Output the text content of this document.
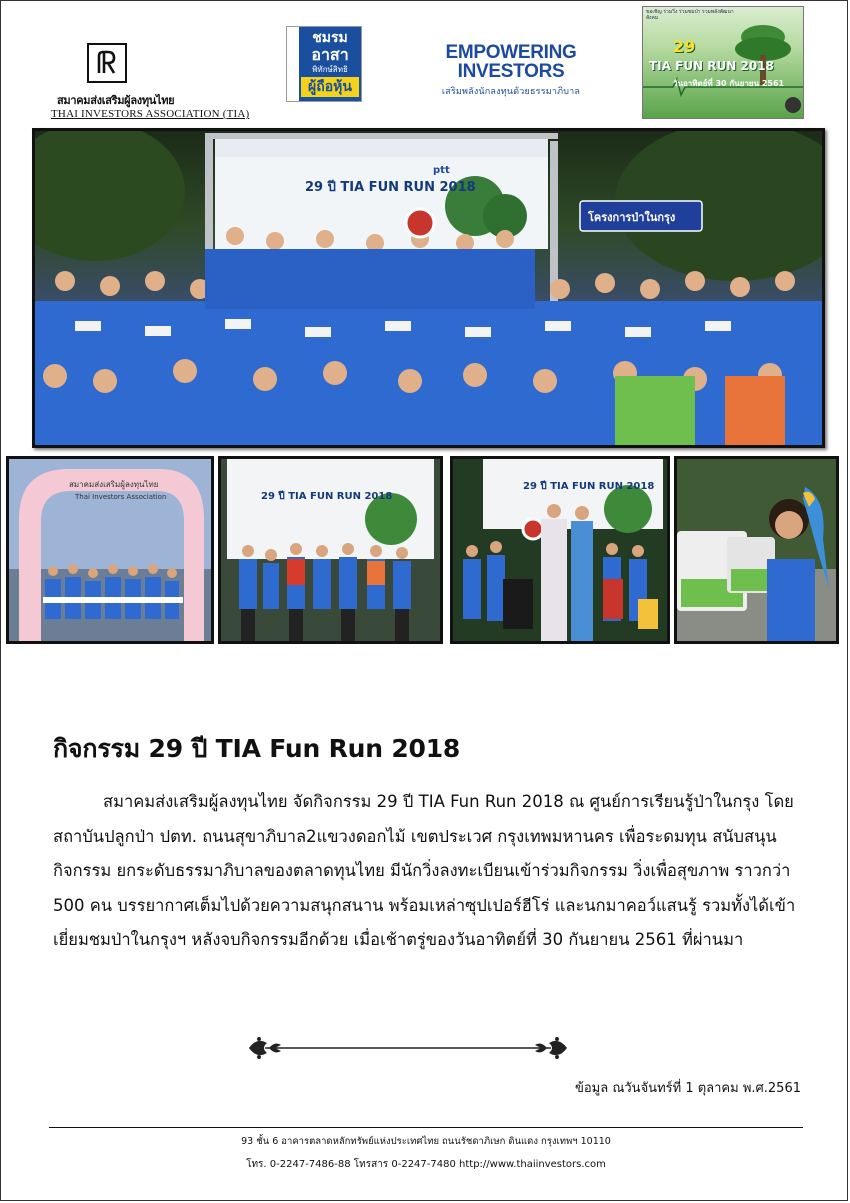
สมาคมส่งเสริมผู้ลงทุนไทย
THAI INVESTORS ASSOCIATION (TIA)
ชมรม
อาสา
พิทักษ์สิทธิ
ผู้ถือหุ้น
EMPOWERING
INVESTORS
เสริมพลังนักลงทุนด้วยธรรมาภิบาล
ขอเชิญ ร่วมวิ่ง ร่วมชมป่า รวมพลังพัฒนาสังคม
29
TIA FUN RUN 2018
วันอาทิตย์ที่ 30 กันยายน 2561
29 ปี TIA FUN RUN 2018
ptt
โครงการป่าในกรุง
สมาคมส่งเสริมผู้ลงทุนไทย
Thai Investors Association	29 ปี TIA FUN RUN 2018
29 ปี TIA FUN RUN 2018
กิจกรรม 29 ปี TIA Fun Run 2018
สมาคมส่งเสริมผู้ลงทุนไทย จัดกิจกรรม 29 ปี TIA Fun Run 2018 ณ ศูนย์การเรียนรู้ป่าในกรุง โดยสถาบันปลูกป่า ปตท. ถนนสุขาภิบาล2แขวงดอกไม้ เขตประเวศ กรุงเทพมหานคร เพื่อระดมทุน สนับสนุนกิจกรรม ยกระดับธรรมาภิบาลของตลาดทุนไทย มีนักวิ่งลงทะเบียนเข้าร่วมกิจกรรม วิ่งเพื่อสุขภาพ ราวกว่า 500 คน บรรยากาศเต็มไปด้วยความสนุกสนาน พร้อมเหล่าซุปเปอร์ฮีโร่ และนกมาคอว์แสนรู้ รวมทั้งได้เข้าเยี่ยมชมป่าในกรุงฯ หลังจบกิจกรรมอีกด้วย เมื่อเช้าตรู่ของวันอาทิตย์ที่ 30 กันยายน 2561 ที่ผ่านมา
ข้อมูล ณวันจันทร์ที่ 1 ตุลาคม พ.ศ.2561
93 ชั้น 6 อาคารตลาดหลักทรัพย์แห่งประเทศไทย ถนนรัชดาภิเษก ดินแดง กรุงเทพฯ 10110
โทร. 0-2247-7486-88 โทรสาร 0-2247-7480 http://www.thaiinvestors.com
